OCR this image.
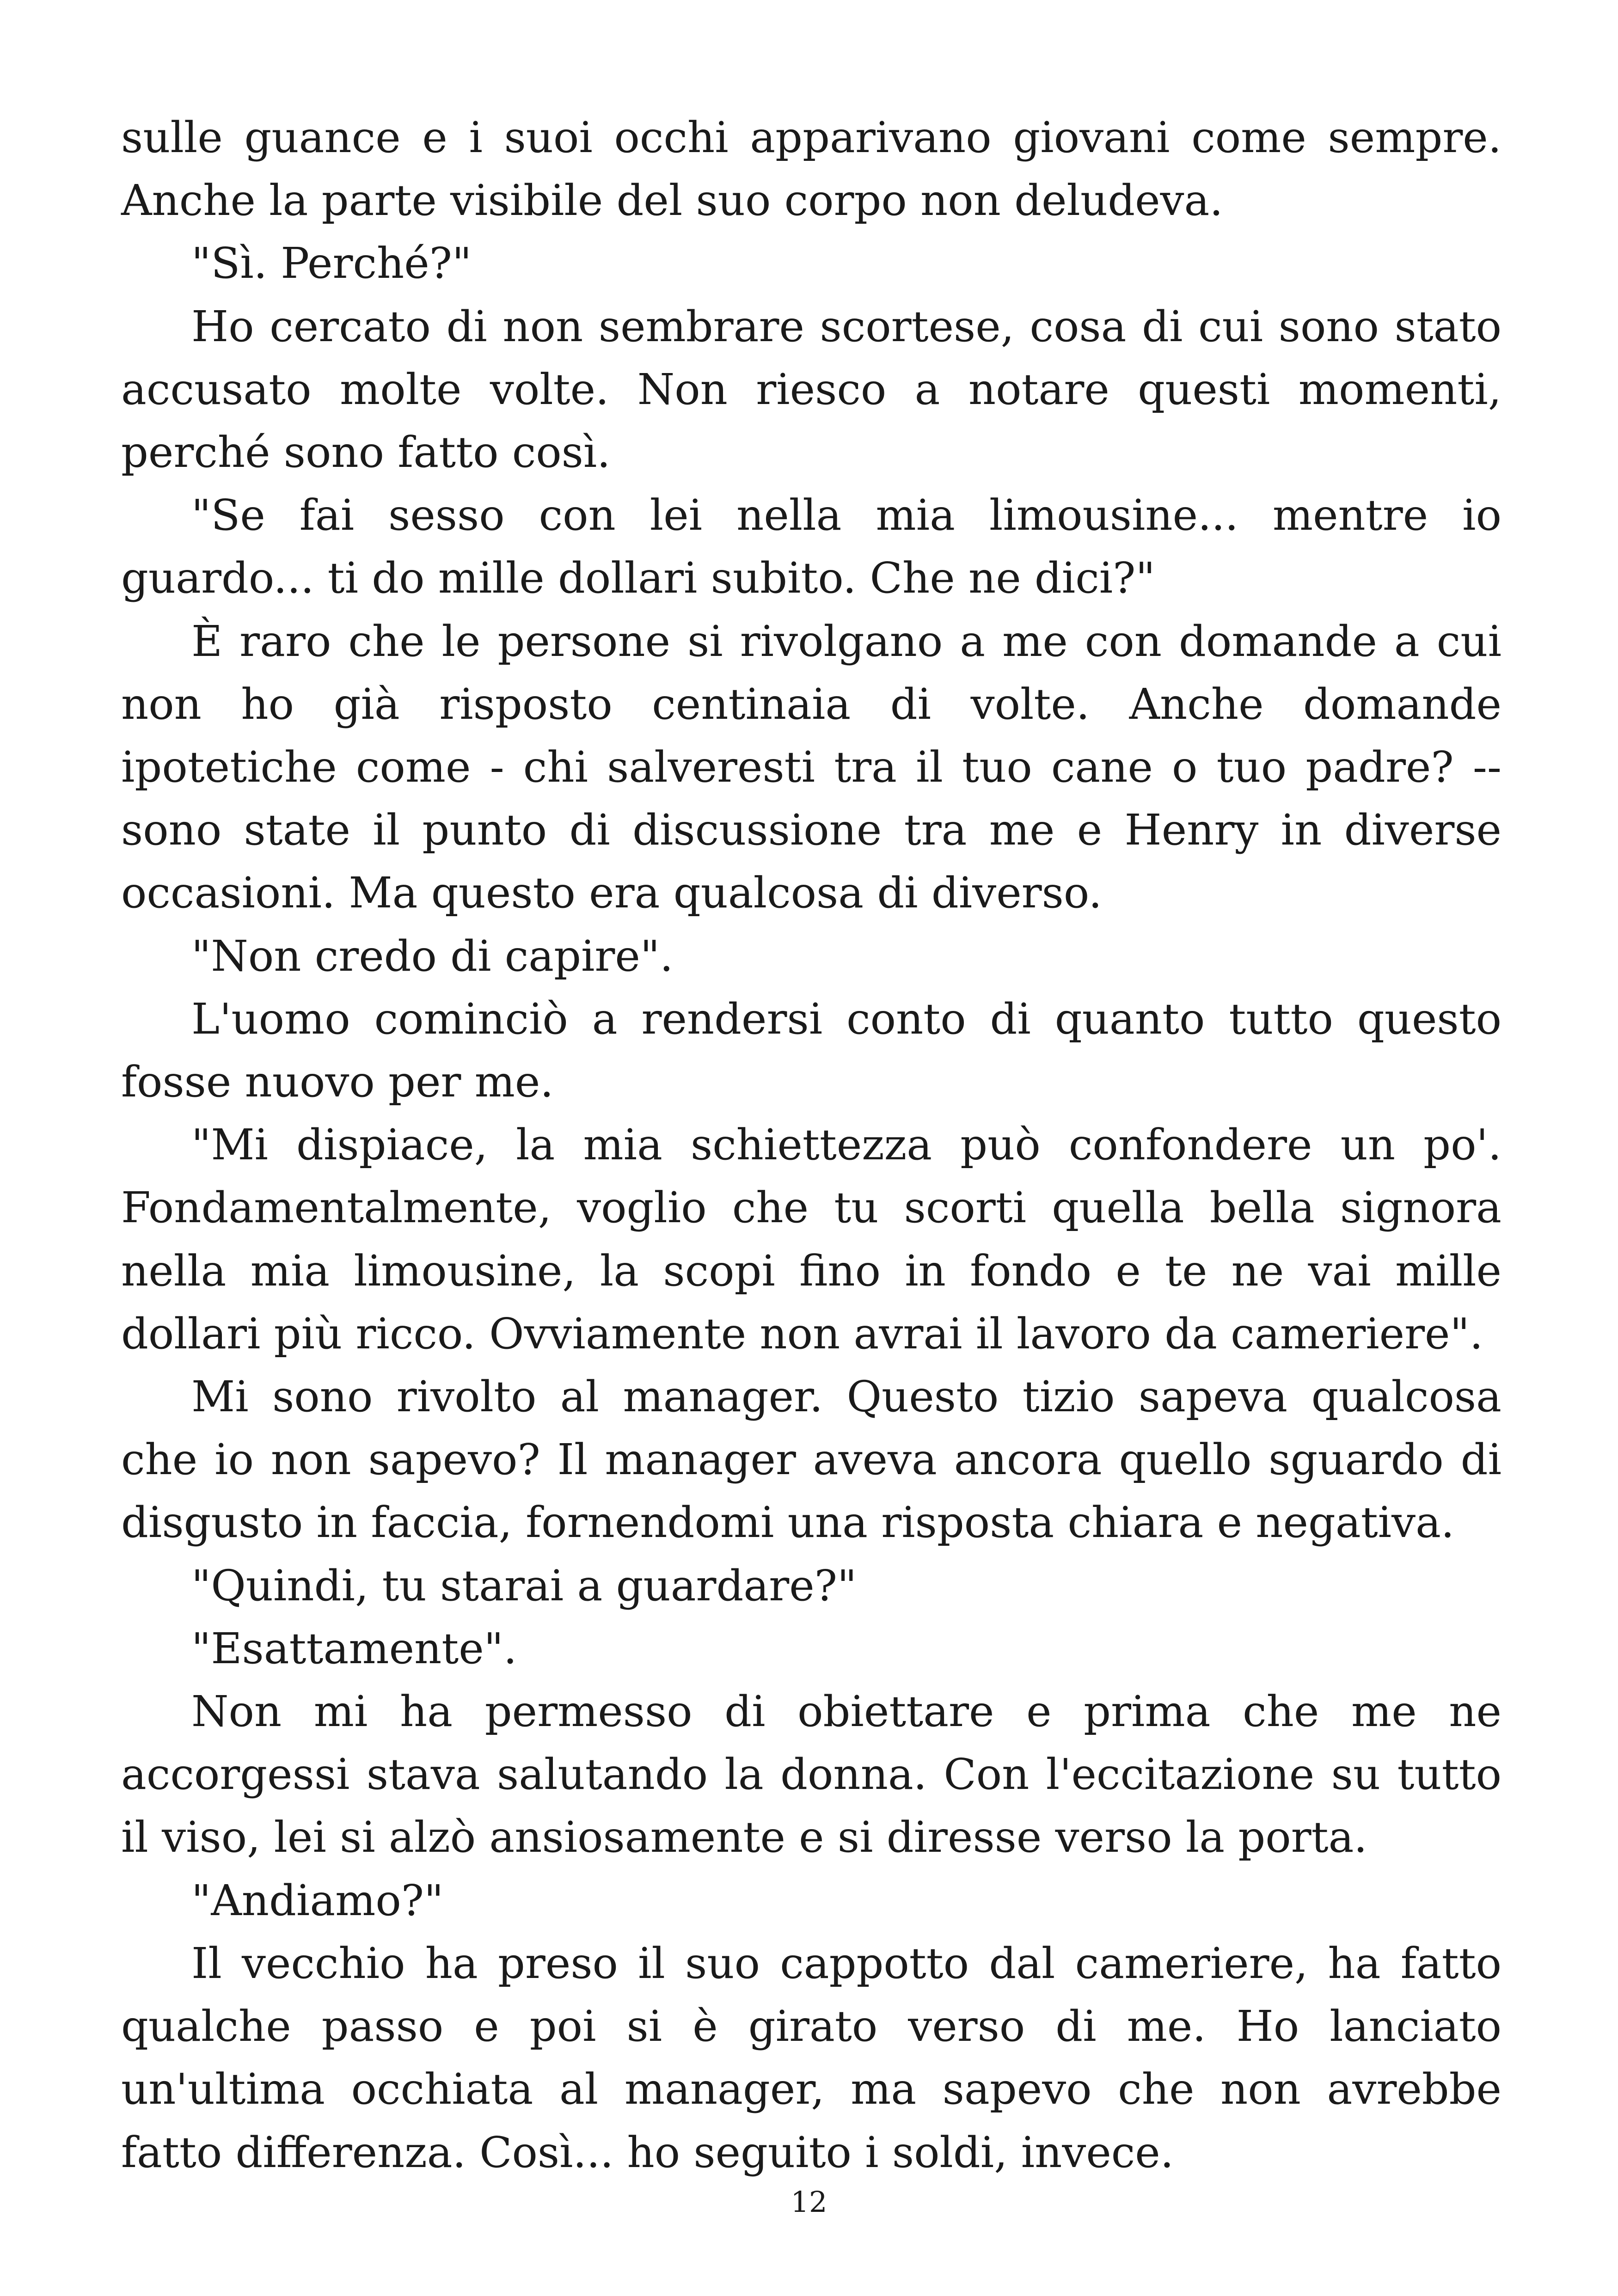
sulle guance e i suoi occhi apparivano giovani come sempre. Anche la parte visibile del suo corpo non deludeva.

"Sì. Perché?"

Ho cercato di non sembrare scortese, cosa di cui sono stato accusato molte volte. Non riesco a notare questi momenti, perché sono fatto così.

"Se fai sesso con lei nella mia limousine... mentre io guardo... ti do mille dollari subito. Che ne dici?"

È raro che le persone si rivolgano a me con domande a cui non ho già risposto centinaia di volte. Anche domande ipotetiche come - chi salveresti tra il tuo cane o tuo padre? -- sono state il punto di discussione tra me e Henry in diverse occasioni. Ma questo era qualcosa di diverso.

"Non credo di capire".

L'uomo cominciò a rendersi conto di quanto tutto questo fosse nuovo per me.

"Mi dispiace, la mia schiettezza può confondere un po'. Fondamentalmente, voglio che tu scorti quella bella signora nella mia limousine, la scopi fino in fondo e te ne vai mille dollari più ricco. Ovviamente non avrai il lavoro da cameriere".

Mi sono rivolto al manager. Questo tizio sapeva qualcosa che io non sapevo? Il manager aveva ancora quello sguardo di disgusto in faccia, fornendomi una risposta chiara e negativa.

"Quindi, tu starai a guardare?"

"Esattamente".

Non mi ha permesso di obiettare e prima che me ne accorgessi stava salutando la donna. Con l'eccitazione su tutto il viso, lei si alzò ansiosamente e si diresse verso la porta.

"Andiamo?"

Il vecchio ha preso il suo cappotto dal cameriere, ha fatto qualche passo e poi si è girato verso di me. Ho lanciato un'ultima occhiata al manager, ma sapevo che non avrebbe fatto differenza. Così... ho seguito i soldi, invece.

12
